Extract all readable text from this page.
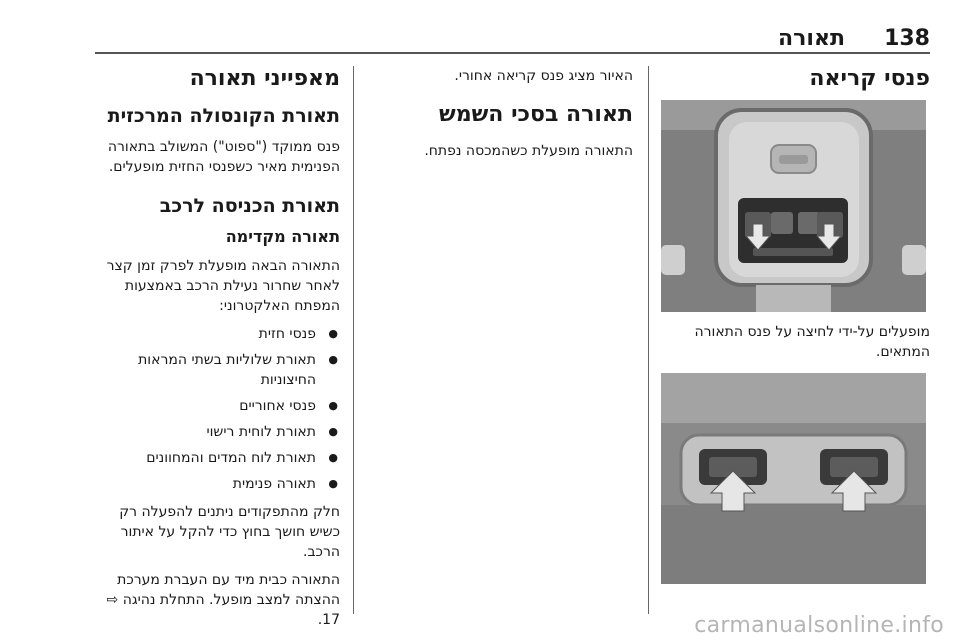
תאורה 138
מאפייני תאורה
תאורת הקונסולה המרכזית
פנס ממוקד ("ספוט") המשולב בתאורה הפנימית מאיר כשפנסי החזית מופעלים.
תאורת הכניסה לרכב
תאורה מקדימה
התאורה הבאה מופעלת לפרק זמן קצר לאחר שחרור נעילת הרכב באמצעות המפתח האלקטרוני:
● פנסי חזית
● תאורת שלוליות בשתי המראות החיצוניות
● פנסי אחוריים
● תאורת לוחית רישוי
● תאורת לוח המדים והמחוונים
● תאורה פנימית
חלק מהתפקודים ניתנים להפעלה רק כשיש חושך בחוץ כדי להקל על איתור הרכב.
התאורה כבית מיד עם העברת מערכת ההצתה למצב מופעל. התחלת נהיגה ⇨ 17.
האיור מציג פנס קריאה אחורי.
תאורה בסכי השמש
התאורה מופעלת כשהמכסה נפתח.
פנסי קריאה
מופעלים על-ידי לחיצה על פנס התאורה המתאים.
carmanualsonline.info
